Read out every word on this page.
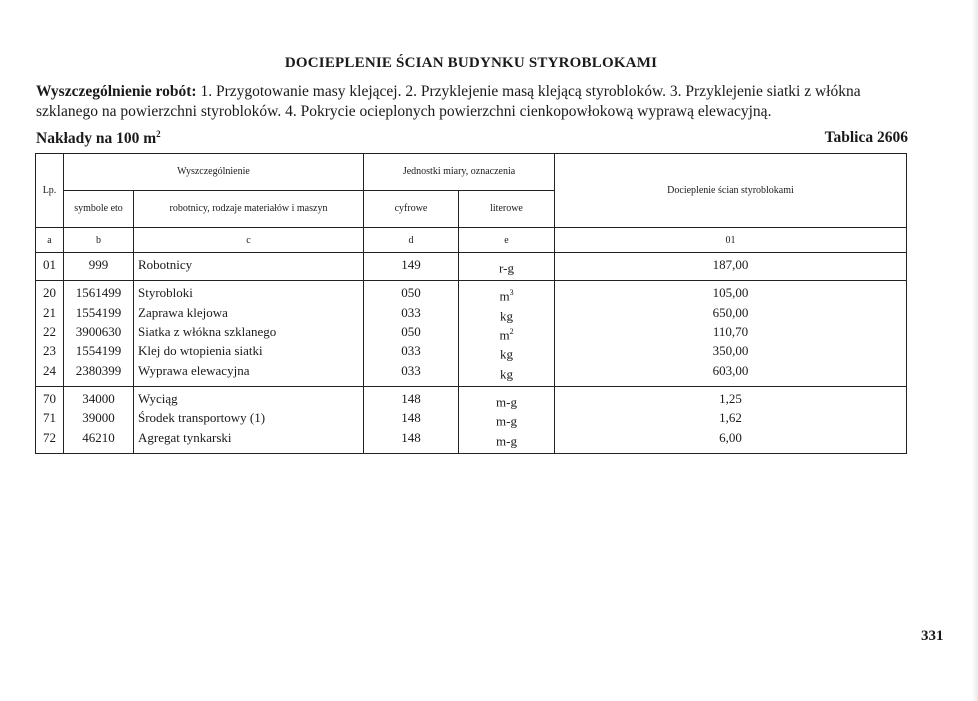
DOCIEPLENIE ŚCIAN BUDYNKU STYROBLOKAMI
Wyszczególnienie robót: 1. Przygotowanie masy klejącej. 2. Przyklejenie masą klejącą styrobloków. 3. Przyklejenie siatki z włókna szklanego na powierzchni styrobloków. 4. Pokrycie ocieplonych powierzchni cienkopowłokową wyprawą elewacyjną.
Nakłady na 100 $m^2$	Tablica 2606
Lp.	Wyszczególnienie		Jednostki miary, oznaczenia		Docieplenie ścian styroblokami
	symbole eto	robotnicy, rodzaje materiałów i maszyn	cyfrowe	literowe	
a	b	c	d	e	01
01	999	Robotnicy	149	r-g	187,00
20	1561499	Styrobloki	050	$m^3$	105,00
21	1554199	Zaprawa klejowa	033	kg	650,00
22	3900630	Siatka z włókna szklanego	050	$m^2$	110,70
23	1554199	Klej do wtopienia siatki	033	kg	350,00
24	2380399	Wyprawa elewacyjna	033	kg	603,00
70	34000	Wyciąg	148	m-g	1,25
71	39000	Środek transportowy (1)	148	m-g	1,62
72	46210	Agregat tynkarski	148	m-g	6,00
331
